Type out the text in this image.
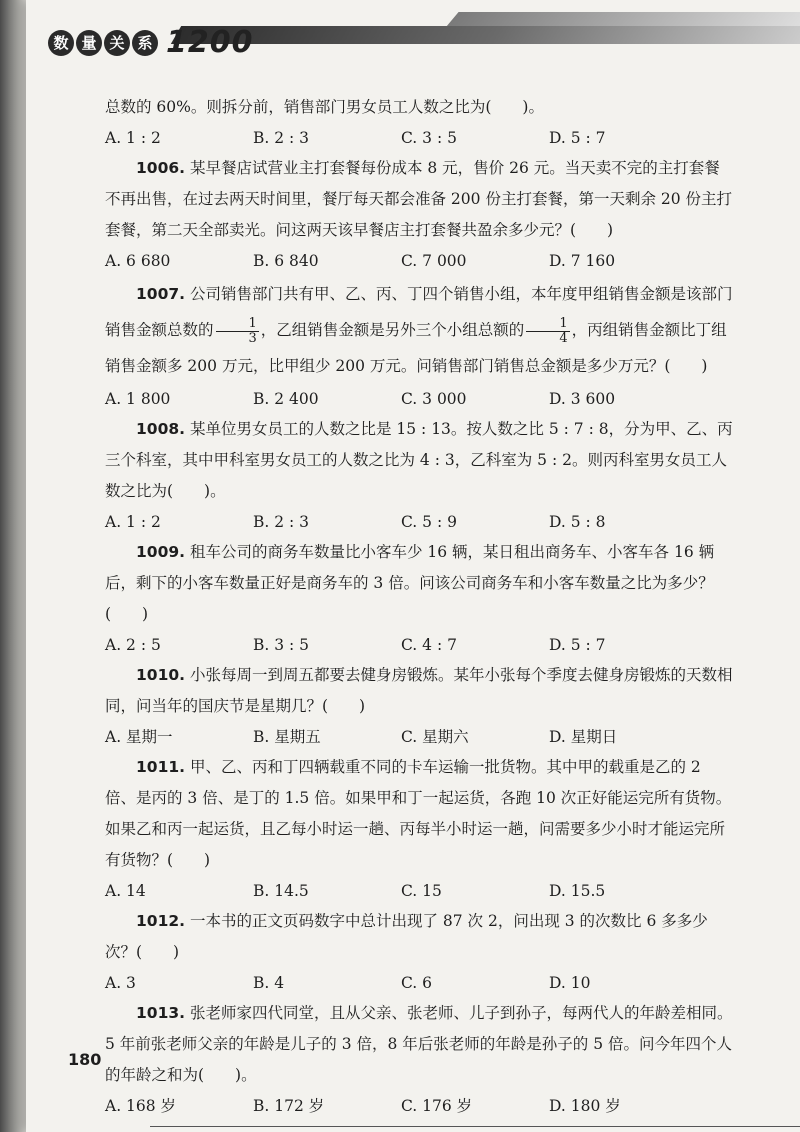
数 量 关 系 1200

总数的 60%。则拆分前，销售部门男女员工人数之比为(　　)。

A. 1 : 2	B. 2 : 3	C. 3 : 5	D. 5 : 7

1006. 某早餐店试营业主打套餐每份成本 8 元，售价 26 元。当天卖不完的主打套餐不再出售，在过去两天时间里，餐厅每天都会准备 200 份主打套餐，第一天剩余 20 份主打套餐，第二天全部卖光。问这两天该早餐店主打套餐共盈余多少元？(　　)

A. 6 680	B. 6 840	C. 7 000	D. 7 160

1007. 公司销售部门共有甲、乙、丙、丁四个销售小组，本年度甲组销售金额是该部门销售金额总数的 $\frac{1}{3}$ ，乙组销售金额是另外三个小组总额的 $\frac{1}{4}$ ，丙组销售金额比丁组销售金额多 200 万元，比甲组少 200 万元。问销售部门销售总金额是多少万元？(　　)

A. 1 800	B. 2 400	C. 3 000	D. 3 600

1008. 某单位男女员工的人数之比是 15 : 13。按人数之比 5 : 7 : 8，分为甲、乙、丙三个科室，其中甲科室男女员工的人数之比为 4 : 3，乙科室为 5 : 2。则丙科室男女员工人数之比为(　　)。

A. 1 : 2	B. 2 : 3	C. 5 : 9	D. 5 : 8

1009. 租车公司的商务车数量比小客车少 16 辆，某日租出商务车、小客车各 16 辆后，剩下的小客车数量正好是商务车的 3 倍。问该公司商务车和小客车数量之比为多少？(　　)

A. 2 : 5	B. 3 : 5	C. 4 : 7	D. 5 : 7

1010. 小张每周一到周五都要去健身房锻炼。某年小张每个季度去健身房锻炼的天数相同，问当年的国庆节是星期几？(　　)

A. 星期一	B. 星期五	C. 星期六	D. 星期日

1011. 甲、乙、丙和丁四辆载重不同的卡车运输一批货物。其中甲的载重是乙的 2 倍、是丙的 3 倍、是丁的 1.5 倍。如果甲和丁一起运货，各跑 10 次正好能运完所有货物。如果乙和丙一起运货，且乙每小时运一趟、丙每半小时运一趟，问需要多少小时才能运完所有货物？(　　)

A. 14	B. 14.5	C. 15	D. 15.5

1012. 一本书的正文页码数字中总计出现了 87 次 2，问出现 3 的次数比 6 多多少次？(　　)

A. 3	B. 4	C. 6	D. 10

1013. 张老师家四代同堂，且从父亲、张老师、儿子到孙子，每两代人的年龄差相同。5 年前张老师父亲的年龄是儿子的 3 倍，8 年后张老师的年龄是孙子的 5 倍。问今年四个人的年龄之和为(　　)。

A. 168 岁	B. 172 岁	C. 176 岁	D. 180 岁
180
